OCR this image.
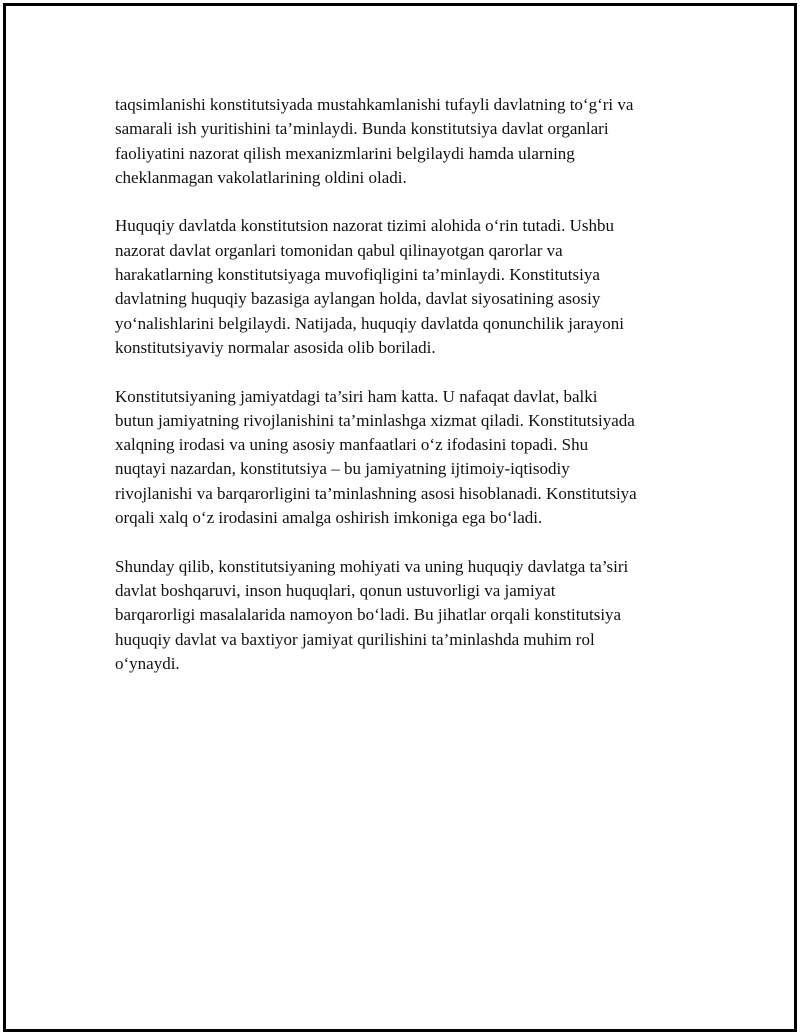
taqsimlanishi konstitutsiyada mustahkamlanishi tufayli davlatning to‘g‘ri va
samarali ish yuritishini ta’minlaydi. Bunda konstitutsiya davlat organlari
faoliyatini nazorat qilish mexanizmlarini belgilaydi hamda ularning
cheklanmagan vakolatlarining oldini oladi.

Huquqiy davlatda konstitutsion nazorat tizimi alohida o‘rin tutadi. Ushbu
nazorat davlat organlari tomonidan qabul qilinayotgan qarorlar va
harakatlarning konstitutsiyaga muvofiqligini ta’minlaydi. Konstitutsiya
davlatning huquqiy bazasiga aylangan holda, davlat siyosatining asosiy
yo‘nalishlarini belgilaydi. Natijada, huquqiy davlatda qonunchilik jarayoni
konstitutsiyaviy normalar asosida olib boriladi.

Konstitutsiyaning jamiyatdagi ta’siri ham katta. U nafaqat davlat, balki
butun jamiyatning rivojlanishini ta’minlashga xizmat qiladi. Konstitutsiyada
xalqning irodasi va uning asosiy manfaatlari o‘z ifodasini topadi. Shu
nuqtayi nazardan, konstitutsiya – bu jamiyatning ijtimoiy-iqtisodiy
rivojlanishi va barqarorligini ta’minlashning asosi hisoblanadi. Konstitutsiya
orqali xalq o‘z irodasini amalga oshirish imkoniga ega bo‘ladi.

Shunday qilib, konstitutsiyaning mohiyati va uning huquqiy davlatga ta’siri
davlat boshqaruvi, inson huquqlari, qonun ustuvorligi va jamiyat
barqarorligi masalalarida namoyon bo‘ladi. Bu jihatlar orqali konstitutsiya
huquqiy davlat va baxtiyor jamiyat qurilishini ta’minlashda muhim rol
o‘ynaydi.
